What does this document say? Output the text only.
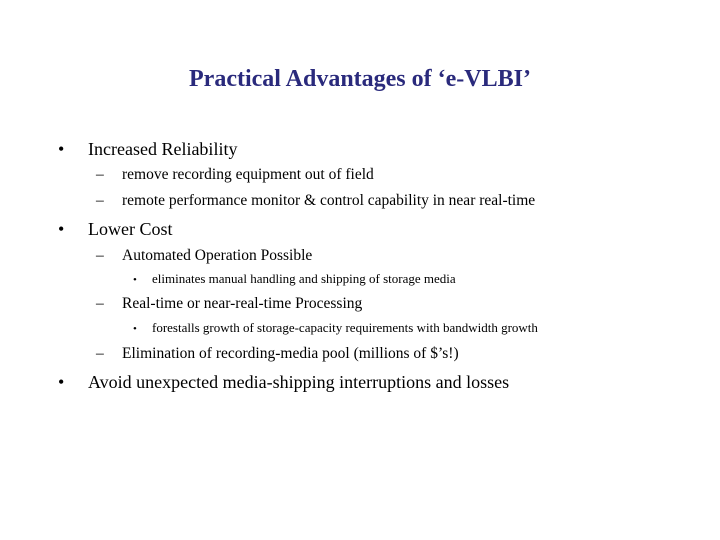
Practical Advantages of ‘e-VLBI’
•	Increased Reliability
–	remove recording equipment out of field
–	remote performance monitor & control capability in near real-time
•	Lower Cost
–	Automated Operation Possible
•	eliminates manual handling and shipping of storage media
–	Real-time or near-real-time Processing
•	forestalls growth of storage-capacity requirements with bandwidth growth
–	Elimination of recording-media pool (millions of $’s!)
•	Avoid unexpected media-shipping interruptions and losses
